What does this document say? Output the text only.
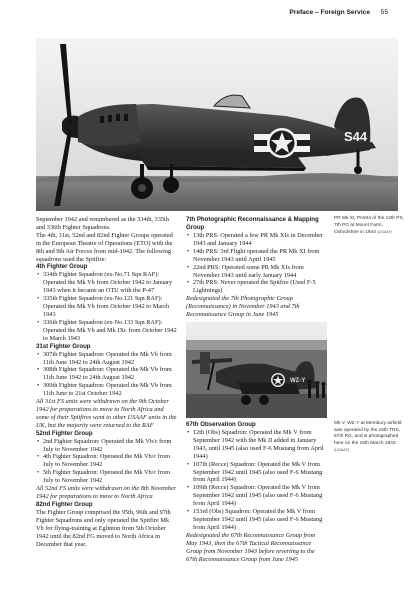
Preface – Foreign Service 55
S44
WZ-Y
PR Mk XI, PA944 of the 14th PS, 7th PG at Mount Farm, Oxfordshire in 1944 (USAAF)
Mk V, WZ-Y at Membury airfield was operated by the 15th TRS, 67th RG, and is photographed here on the 15th March 1943 (USAAF)

September 1942 and renumbered as the 334th, 335th and 336th Fighter Squadrons.

The 4th, 31st, 52nd and 82nd Fighter Groups operated in the European Theatre of Operations (ETO) with the 8th and 9th Air Forces from mid-1942. The following squadrons used the Spitfire:

4th Fighter Group
• 334th Fighter Squadron (ex-No.71 Sqn RAF): Operated the Mk Vb from October 1942 to January 1943 when it became an OTU with the P-47
• 335th Fighter Squadron (ex-No.121 Sqn RAF): Operated the Mk Vb from October 1942 to March 1943
• 336th Fighter Squadron (ex-No.133 Sqn RAF): Operated the Mk Vb and Mk IXc from October 1942 to March 1943
31st Fighter Group
• 307th Fighter Squadron: Operated the Mk Vb from 11th June 1942 to 24th August 1942
• 308th Fighter Squadron: Operated the Mk Vb from 11th June 1942 to 24th August 1942
• 309th Fighter Squadron: Operated the Mk Vb from 11th June to 21st October 1942

All 31st FS units were withdrawn on the 9th October 1942 for preparations to move to North Africa and some of their Spitfires went to other USAAF units in the UK, but the majority were returned to the RAF

52nd Fighter Group
• 2nd Fighter Squadron: Operated the Mk Vb/c from July to November 1942
• 4th Fighter Squadron: Operated the Mk Vb/c from July to November 1942
• 5th Fighter Squadron: Operated the Mk Vb/c from July to November 1942

All 52nd FS units were withdrawn on the 8th November 1942 for preparations to move to North Africa

82nd Fighter Group

The Fighter Group comprised the 95th, 96th and 97th Fighter Squadrons and only operated the Spitfire Mk Vb for flying-training at Eglinton from 5th October 1942 until the 82nd FG moved to North Africa in December that year.

7th Photographic Reconnaissance & Mapping Group
• 13th PRS: Operated a few PR Mk XIs in December 1943 and January 1944
• 14th PRS: 3rd Flight operated the PR Mk XI from November 1943 until April 1945
• 22nd PRS: Operated some PR Mk XIs from November 1943 until early January 1944
• 27th PRS: Never operated the Spitfire (Used F-5 Lightnings)

Redesignated the 7th Photographic Group (Reconnaissance) in November 1943 and 7th Reconnaissance Group in June 1945

67th Observation Group
• 12th (Obs) Squadron: Operated the Mk V from September 1942 with the Mk II added in January 1943, until 1945 (also used F-6 Mustang from April 1944)
• 107th (Recce) Squadron: Operated the Mk V from September 1942 until 1945 (also used F-6 Mustang from April 1944)
• 109th (Recce) Squadron: Operated the Mk V from September 1942 until 1945 (also used F-6 Mustang from April 1944)
• 153rd (Obs) Squadron: Operated the Mk V from September 1942 until 1945 (also used F-6 Mustang from April 1944)

Redesignated the 67th Reconnaissance Group from May 1943, then the 67th Tactical Reconnaissance Group from November 1943 before reverting to the 67th Reconnaissance Group from June 1945
